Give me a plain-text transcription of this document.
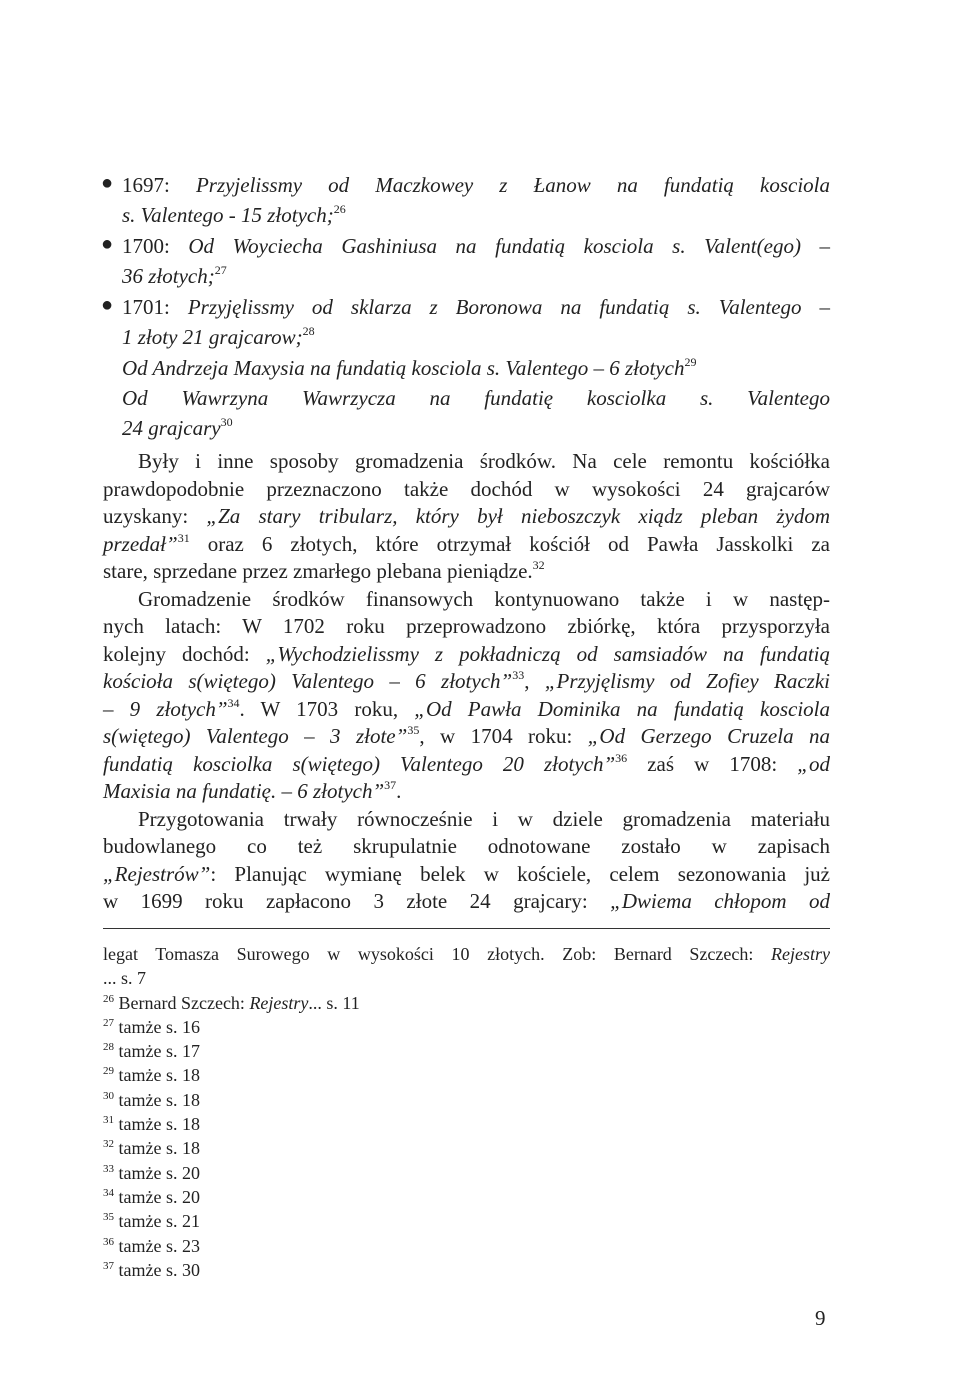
● 1697: Przyjelissmy od Maczkowey z Łanow na fundatią kosciola
s. Valentego - 15 złotych;$^{26}$
● 1700: Od Woyciecha Gashiniusa na fundatią kosciola s. Valent(ego) –
36 złotych;$^{27}$
● 1701: Przyjęlissmy od sklarza z Boronowa na fundatią s. Valentego –
1 złoty 21 grajcarow;$^{28}$
Od Andrzeja Maxysia na fundatią kosciola s. Valentego – 6 złotych$^{29}$
Od Wawrzyna Wawrzycza na fundatię kosciolka s. Valentego
24 grajcary$^{30}$
Były i inne sposoby gromadzenia środków. Na cele remontu kościółka
prawdopodobnie przeznaczono także dochód w wysokości 24 grajcarów
uzyskany: „Za stary tribularz, który był nieboszczyk xiądz pleban żydom
przedał”$^{31}$ oraz 6 złotych, które otrzymał kościół od Pawła Jasskolki za
stare, sprzedane przez zmarłego plebana pieniądze.$^{32}$
Gromadzenie środków finansowych kontynuowano także i w następ-
nych latach: W 1702 roku przeprowadzono zbiórkę, która przysporzyła
kolejny dochód: „Wychodzielissmy z pokładniczą od samsiadów na fundatią
kościoła s(więtego) Valentego – 6 złotych”$^{33}$, „Przyjęlismy od Zofiey Raczki
– 9 złotych”$^{34}$. W 1703 roku, „Od Pawła Dominika na fundatią kosciola
s(więtego) Valentego – 3 złote”$^{35}$, w 1704 roku: „Od Gerzego Cruzela na
fundatią kosciolka s(więtego) Valentego 20 złotych”$^{36}$ zaś w 1708: „od
Maxisia na fundatię. – 6 złotych”$^{37}$.
Przygotowania trwały równocześnie i w dziele gromadzenia materiału
budowlanego co też skrupulatnie odnotowane zostało w zapisach
„Rejestrów”: Planując wymianę belek w kościele, celem sezonowania już
w 1699 roku zapłacono 3 złote 24 grajcary: „Dwiema chłopom od
legat Tomasza Surowego w wysokości 10 złotych. Zob: Bernard Szczech: Rejestry
... s. 7
$^{26}$ Bernard Szczech: Rejestry... s. 11
$^{27}$ tamże s. 16
$^{28}$ tamże s. 17
$^{29}$ tamże s. 18
$^{30}$ tamże s. 18
$^{31}$ tamże s. 18
$^{32}$ tamże s. 18
$^{33}$ tamże s. 20
$^{34}$ tamże s. 20
$^{35}$ tamże s. 21
$^{36}$ tamże s. 23
$^{37}$ tamże s. 30
9
